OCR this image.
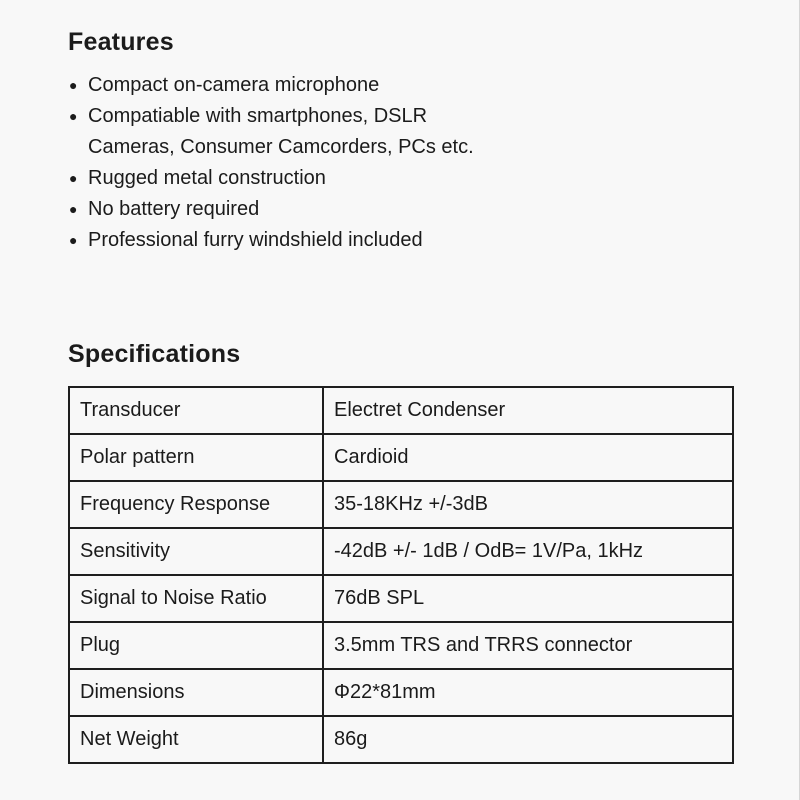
Features
● Compact on-camera microphone
● Compatiable with smartphones, DSLR Cameras, Consumer Camcorders, PCs etc.
● Rugged metal construction
● No battery required
● Professional furry windshield included
Specifications
Transducer	Electret Condenser
Polar pattern	Cardioid
Frequency Response	35-18KHz +/-3dB
Sensitivity	-42dB +/- 1dB / OdB= 1V/Pa, 1kHz
Signal to Noise Ratio	76dB SPL
Plug	3.5mm TRS and TRRS connector
Dimensions	Φ22*81mm
Net Weight	86g
